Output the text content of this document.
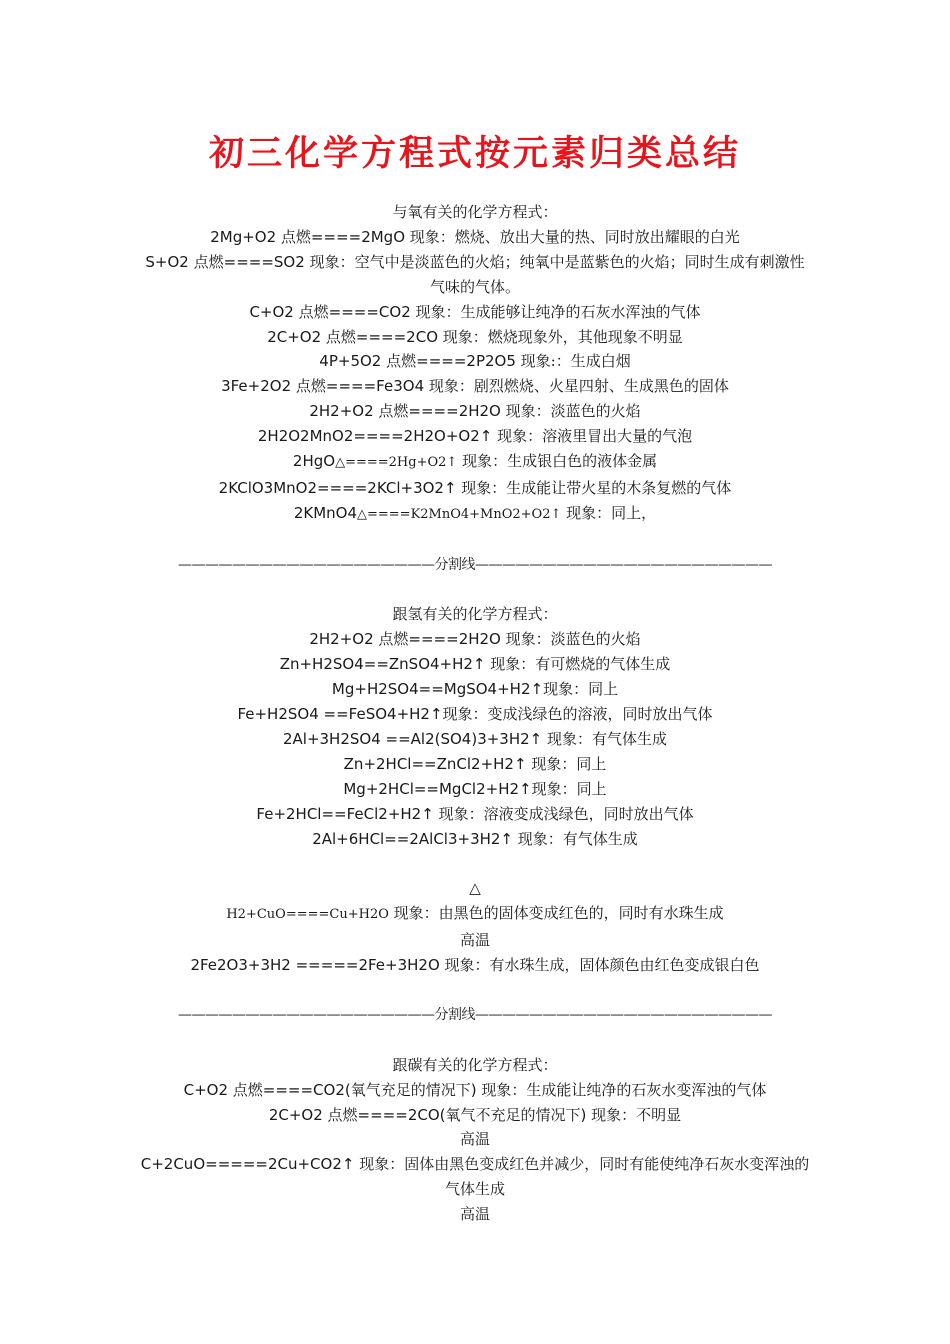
初三化学方程式按元素归类总结
与氧有关的化学方程式：
2Mg+O2 点燃====2MgO 现象：燃烧、放出大量的热、同时放出耀眼的白光
S+O2 点燃====SO2 现象：空气中是淡蓝色的火焰；纯氧中是蓝紫色的火焰；同时生成有刺激性气味的气体。
C+O2 点燃====CO2 现象：生成能够让纯净的石灰水浑浊的气体
2C+O2 点燃====2CO 现象：燃烧现象外，其他现象不明显
4P+5O2 点燃====2P2O5 现象:：生成白烟
3Fe+2O2 点燃====Fe3O4 现象：剧烈燃烧、火星四射、生成黑色的固体
2H2+O2 点燃====2H2O 现象：淡蓝色的火焰
2H2O2MnO2====2H2O+O2↑ 现象：溶液里冒出大量的气泡
2HgO△====2Hg+O2↑ 现象：生成银白色的液体金属
2KClO3MnO2====2KCl+3O2↑ 现象：生成能让带火星的木条复燃的气体
2KMnO4△====K2MnO4+MnO2+O2↑ 现象：同上，
———————————————————分割线——————————————————————
跟氢有关的化学方程式：
2H2+O2 点燃====2H2O 现象：淡蓝色的火焰
Zn+H2SO4==ZnSO4+H2↑ 现象：有可燃烧的气体生成
Mg+H2SO4==MgSO4+H2↑现象：同上
Fe+H2SO4 ==FeSO4+H2↑现象：变成浅绿色的溶液，同时放出气体
2Al+3H2SO4 ==Al2(SO4)3+3H2↑ 现象：有气体生成
Zn+2HCl==ZnCl2+H2↑ 现象：同上
Mg+2HCl==MgCl2+H2↑现象：同上
Fe+2HCl==FeCl2+H2↑ 现象：溶液变成浅绿色，同时放出气体
2Al+6HCl==2AlCl3+3H2↑ 现象：有气体生成
△
H2+CuO====Cu+H2O 现象：由黑色的固体变成红色的，同时有水珠生成
高温
2Fe2O3+3H2 =====2Fe+3H2O 现象：有水珠生成，固体颜色由红色变成银白色
———————————————————分割线——————————————————————
跟碳有关的化学方程式：
C+O2 点燃====CO2(氧气充足的情况下) 现象：生成能让纯净的石灰水变浑浊的气体
2C+O2 点燃====2CO(氧气不充足的情况下) 现象：不明显
高温
C+2CuO=====2Cu+CO2↑ 现象：固体由黑色变成红色并减少，同时有能使纯净石灰水变浑浊的气体生成
高温
